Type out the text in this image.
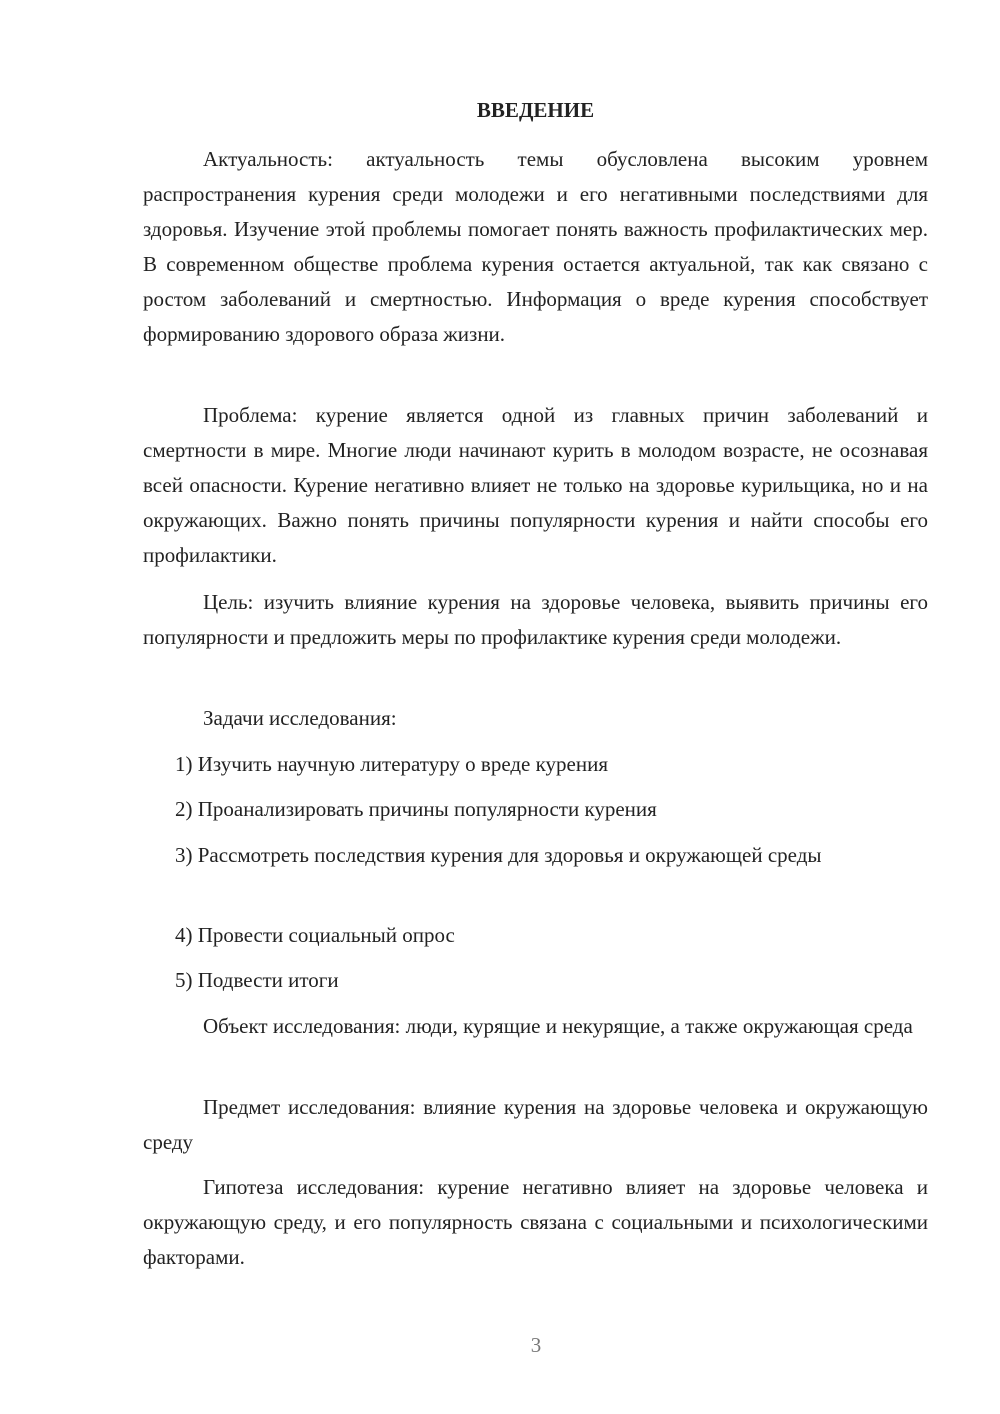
ВВЕДЕНИЕ

Актуальность: актуальность темы обусловлена высоким уровнем распространения курения среди молодежи и его негативными последствиями для здоровья. Изучение этой проблемы помогает понять важность профилактических мер. В современном обществе проблема курения остается актуальной, так как связано с ростом заболеваний и смертностью. Информация о вреде курения способствует формированию здорового образа жизни.

Проблема: курение является одной из главных причин заболеваний и смертности в мире. Многие люди начинают курить в молодом возрасте, не осознавая всей опасности. Курение негативно влияет не только на здоровье курильщика, но и на окружающих. Важно понять причины популярности курения и найти способы его профилактики.

Цель: изучить влияние курения на здоровье человека, выявить причины его популярности и предложить меры по профилактике курения среди молодежи.

Задачи исследования:

1) Изучить научную литературу о вреде курения

2) Проанализировать причины популярности курения

3) Рассмотреть последствия курения для здоровья и окружающей среды

4) Провести социальный опрос

5) Подвести итоги

Объект исследования: люди, курящие и некурящие, а также окружающая среда

Предмет исследования: влияние курения на здоровье человека и окружающую среду

Гипотеза исследования: курение негативно влияет на здоровье человека и окружающую среду, и его популярность связана с социальными и психологическими факторами.

3
